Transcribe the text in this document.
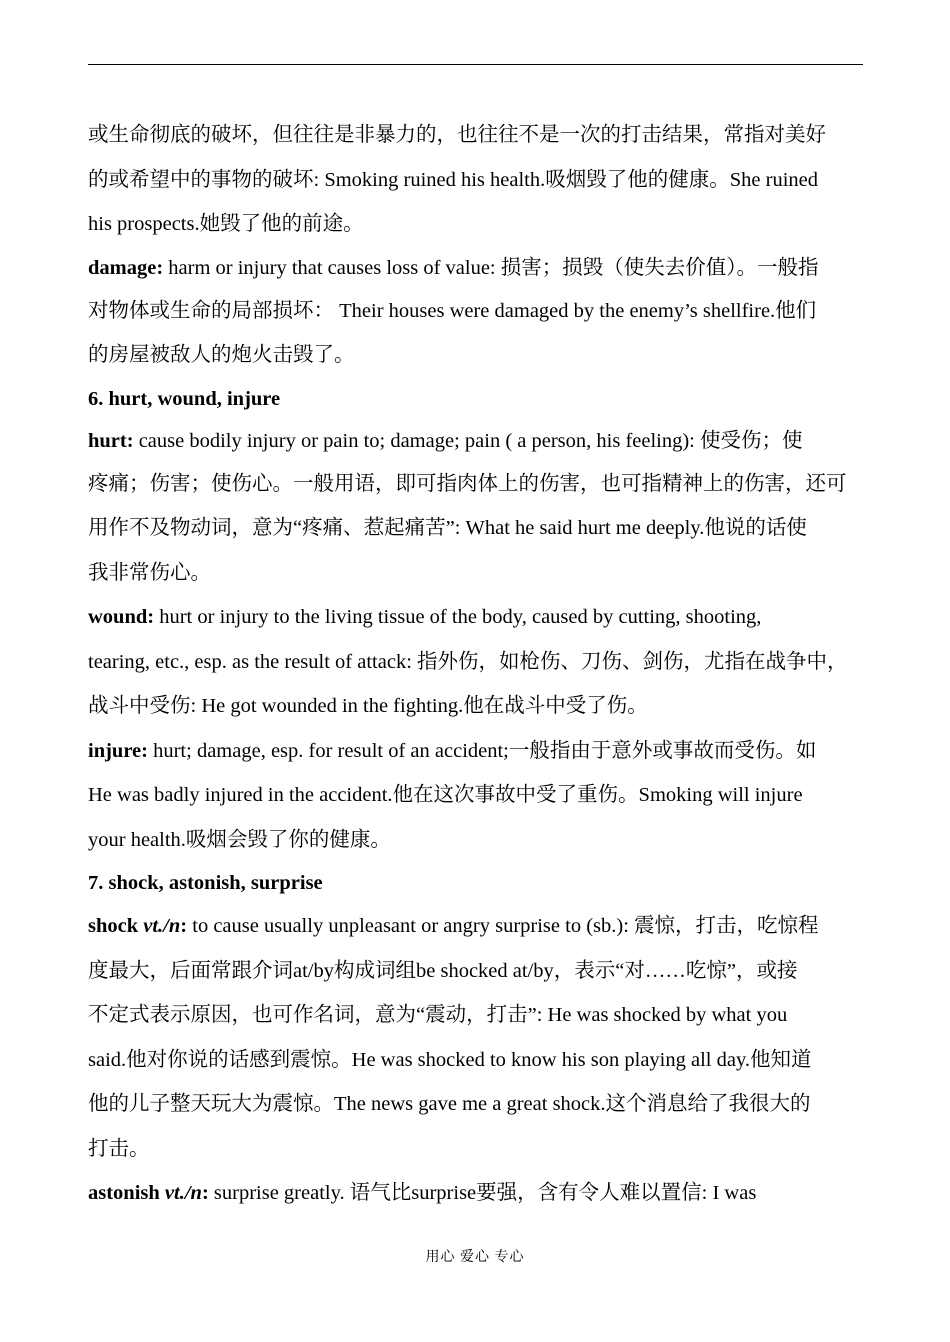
或生命彻底的破坏，但往往是非暴力的，也往往不是一次的打击结果，常指对美好
的或希望中的事物的破坏: Smoking ruined his health.吸烟毁了他的健康。She ruined
his prospects.她毁了他的前途。
damage: harm or injury that causes loss of value: 损害；损毁（使失去价值）。一般指
对物体或生命的局部损坏： Their houses were damaged by the enemy’s shellfire.他们
的房屋被敌人的炮火击毁了。
6. hurt, wound, injure
hurt: cause bodily injury or pain to; damage; pain ( a person, his feeling): 使受伤；使
疼痛；伤害；使伤心。一般用语，即可指肉体上的伤害，也可指精神上的伤害，还可
用作不及物动词，意为“疼痛、惹起痛苦”: What he said hurt me deeply.他说的话使
我非常伤心。
wound: hurt or injury to the living tissue of the body, caused by cutting, shooting,
tearing, etc., esp. as the result of attack: 指外伤，如枪伤、刀伤、剑伤，尤指在战争中，
战斗中受伤: He got wounded in the fighting.他在战斗中受了伤。
injure: hurt; damage, esp. for result of an accident;一般指由于意外或事故而受伤。如
He was badly injured in the accident.他在这次事故中受了重伤。Smoking will injure
your health.吸烟会毁了你的健康。
7. shock, astonish, surprise
shock vt./n: to cause usually unpleasant or angry surprise to (sb.): 震惊，打击，吃惊程
度最大，后面常跟介词at/by构成词组be shocked at/by，表示“对……吃惊”，或接
不定式表示原因，也可作名词，意为“震动，打击”: He was shocked by what you
said.他对你说的话感到震惊。He was shocked to know his son playing all day.他知道
他的儿子整天玩大为震惊。The news gave me a great shock.这个消息给了我很大的
打击。
astonish vt./n: surprise greatly. 语气比surprise要强，含有令人难以置信: I was
用心 爱心 专心
